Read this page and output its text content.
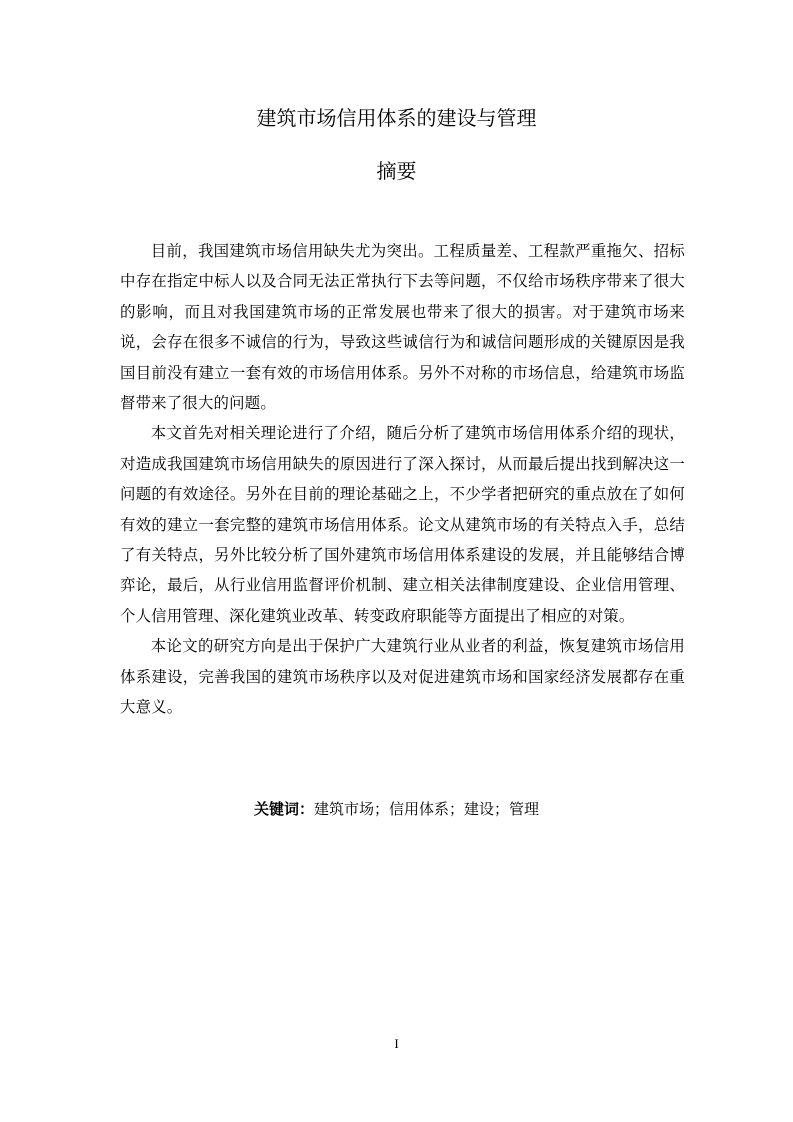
建筑市场信用体系的建设与管理
摘要

目前，我国建筑市场信用缺失尤为突出。工程质量差、工程款严重拖欠、招标中存在指定中标人以及合同无法正常执行下去等问题，不仅给市场秩序带来了很大的影响，而且对我国建筑市场的正常发展也带来了很大的损害。对于建筑市场来说，会存在很多不诚信的行为，导致这些诚信行为和诚信问题形成的关键原因是我国目前没有建立一套有效的市场信用体系。另外不对称的市场信息，给建筑市场监督带来了很大的问题。

本文首先对相关理论进行了介绍，随后分析了建筑市场信用体系介绍的现状，对造成我国建筑市场信用缺失的原因进行了深入探讨，从而最后提出找到解决这一问题的有效途径。另外在目前的理论基础之上，不少学者把研究的重点放在了如何有效的建立一套完整的建筑市场信用体系。论文从建筑市场的有关特点入手，总结了有关特点，另外比较分析了国外建筑市场信用体系建设的发展，并且能够结合博弈论，最后，从行业信用监督评价机制、建立相关法律制度建设、企业信用管理、个人信用管理、深化建筑业改革、转变政府职能等方面提出了相应的对策。

本论文的研究方向是出于保护广大建筑行业从业者的利益，恢复建筑市场信用体系建设，完善我国的建筑市场秩序以及对促进建筑市场和国家经济发展都存在重大意义。

关键词：建筑市场；信用体系；建设；管理
I
